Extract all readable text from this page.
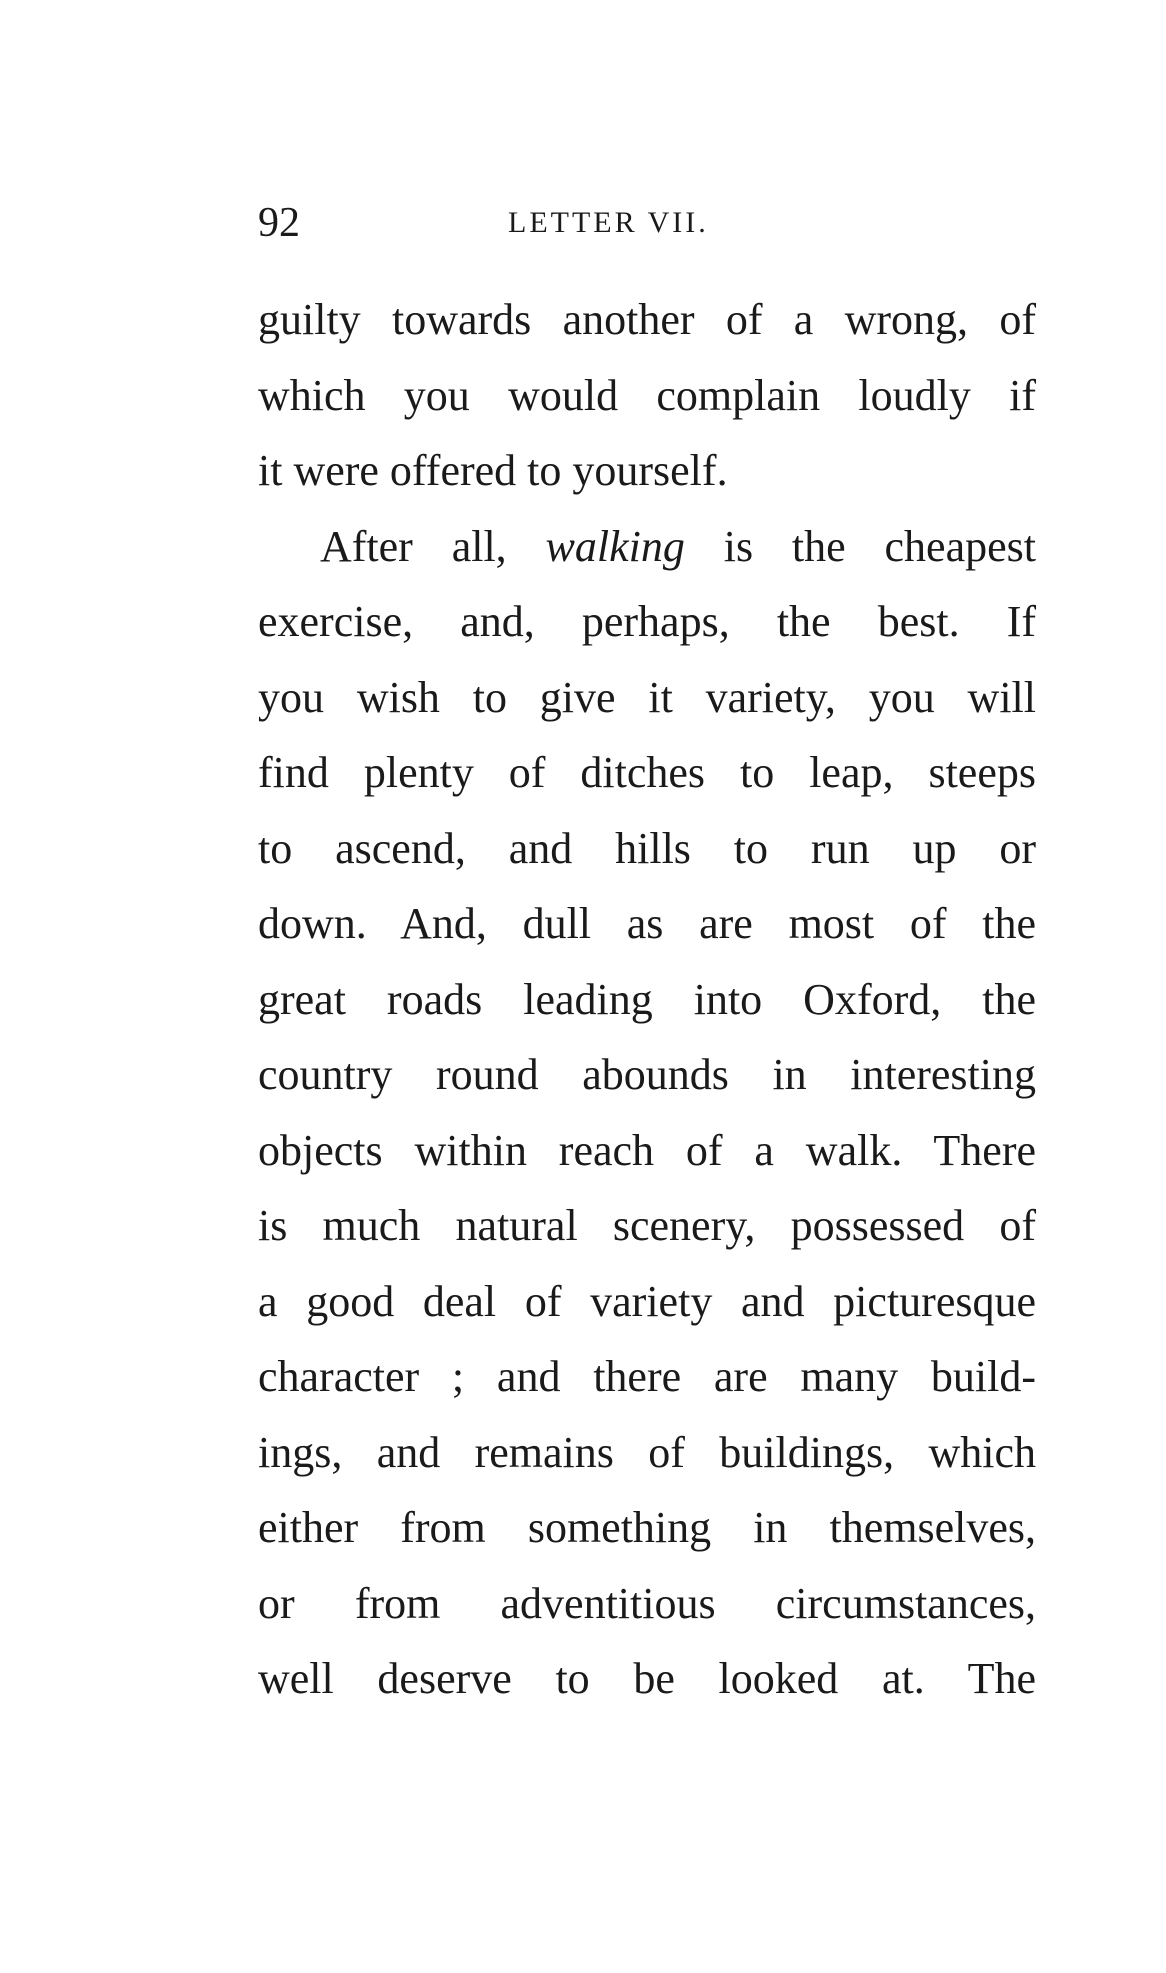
92	LETTER VII.
guilty towards another of a wrong, of
which you would complain loudly if
it were offered to yourself.
After all, walking is the cheapest
exercise, and, perhaps, the best. If
you wish to give it variety, you will
find plenty of ditches to leap, steeps
to ascend, and hills to run up or
down. And, dull as are most of the
great roads leading into Oxford, the
country round abounds in interesting
objects within reach of a walk. There
is much natural scenery, possessed of
a good deal of variety and picturesque
character ; and there are many build-
ings, and remains of buildings, which
either from something in themselves,
or from adventitious circumstances,
well deserve to be looked at. The
